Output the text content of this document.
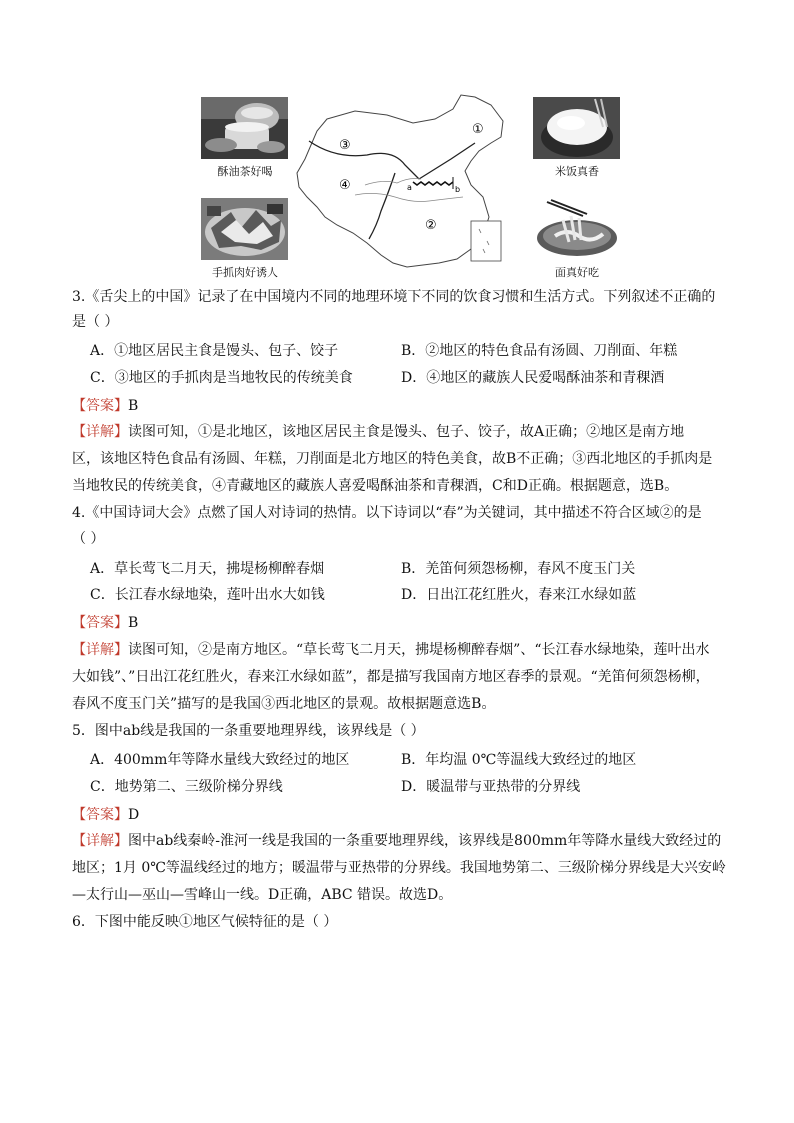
酥油茶好喝
手抓肉好诱人
米饭真香
面真好吃
①
②
③
④	a	b
3.《舌尖上的中国》记录了在中国境内不同的地理环境下不同的饮食习惯和生活方式。下列叙述不正确的
是（ ）
A．①地区居民主食是馒头、包子、饺子	B．②地区的特色食品有汤圆、刀削面、年糕
C．③地区的手抓肉是当地牧民的传统美食	D．④地区的藏族人民爱喝酥油茶和青稞酒
【答案】B
【详解】读图可知，①是北地区，该地区居民主食是馒头、包子、饺子，故A正确；②地区是南方地
区，该地区特色食品有汤圆、年糕，刀削面是北方地区的特色美食，故B不正确；③西北地区的手抓肉是
当地牧民的传统美食，④青藏地区的藏族人喜爱喝酥油茶和青稞酒，C和D正确。根据题意，选B。
4.《中国诗词大会》点燃了国人对诗词的热情。以下诗词以“春”为关键词，其中描述不符合区域②的是
（ ）
A．草长莺飞二月天，拂堤杨柳醉春烟	B．羌笛何须怨杨柳，春风不度玉门关
C．长江春水绿地染，莲叶出水大如钱	D．日出江花红胜火，春来江水绿如蓝
【答案】B
【详解】读图可知，②是南方地区。“草长莺飞二月天，拂堤杨柳醉春烟”、“长江春水绿地染，莲叶出水
大如钱”、”日出江花红胜火，春来江水绿如蓝”，都是描写我国南方地区春季的景观。“羌笛何须怨杨柳，
春风不度玉门关”描写的是我国③西北地区的景观。故根据题意选B。
5．图中ab线是我国的一条重要地理界线，该界线是（ ）
A．400mm年等降水量线大致经过的地区	B．年均温 0℃等温线大致经过的地区
C．地势第二、三级阶梯分界线	D．暖温带与亚热带的分界线
【答案】D
【详解】图中ab线秦岭-淮河一线是我国的一条重要地理界线，该界线是800mm年等降水量线大致经过的
地区；1月 0℃等温线经过的地方；暖温带与亚热带的分界线。我国地势第二、三级阶梯分界线是大兴安岭
—太行山—巫山—雪峰山一线。D正确，ABC 错误。故选D。
6．下图中能反映①地区气候特征的是（ ）
